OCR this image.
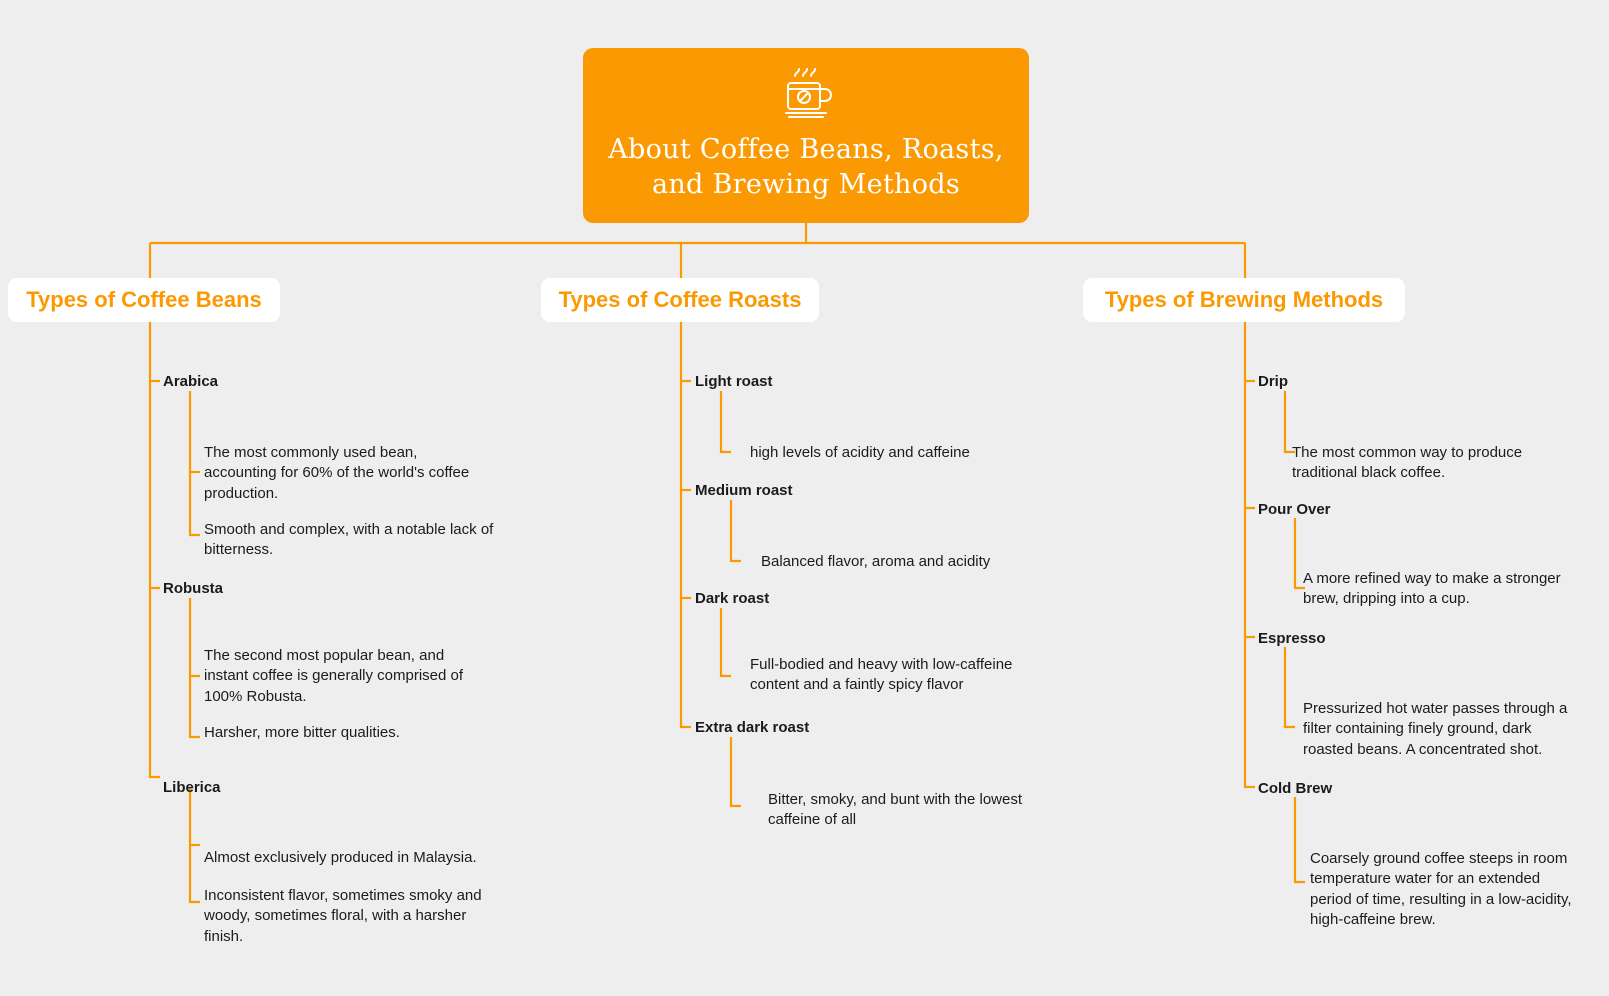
About Coffee Beans, Roasts, and Brewing Methods
Types of Coffee Beans	Types of Coffee Roasts	Types of Brewing Methods
Arabica
The most commonly used bean, accounting for 60% of the world's coffee production.
Smooth and complex, with a notable lack of bitterness.
Robusta
The second most popular bean, and instant coffee is generally comprised of 100% Robusta.
Harsher, more bitter qualities.
Liberica
Almost exclusively produced in Malaysia.
Inconsistent flavor, sometimes smoky and woody, sometimes floral, with a harsher finish.
Light roast
high levels of acidity and caffeine
Medium roast
Balanced flavor, aroma and acidity
Dark roast
Full-bodied and heavy with low-caffeine content and a faintly spicy flavor
Extra dark roast
Bitter, smoky, and bunt with the lowest caffeine of all
Drip
The most common way to produce traditional black coffee.
Pour Over
A more refined way to make a stronger brew, dripping into a cup.
Espresso
Pressurized hot water passes through a filter containing finely ground, dark roasted beans. A concentrated shot.
Cold Brew
Coarsely ground coffee steeps in room temperature water for an extended period of time, resulting in a low-acidity, high-caffeine brew.
